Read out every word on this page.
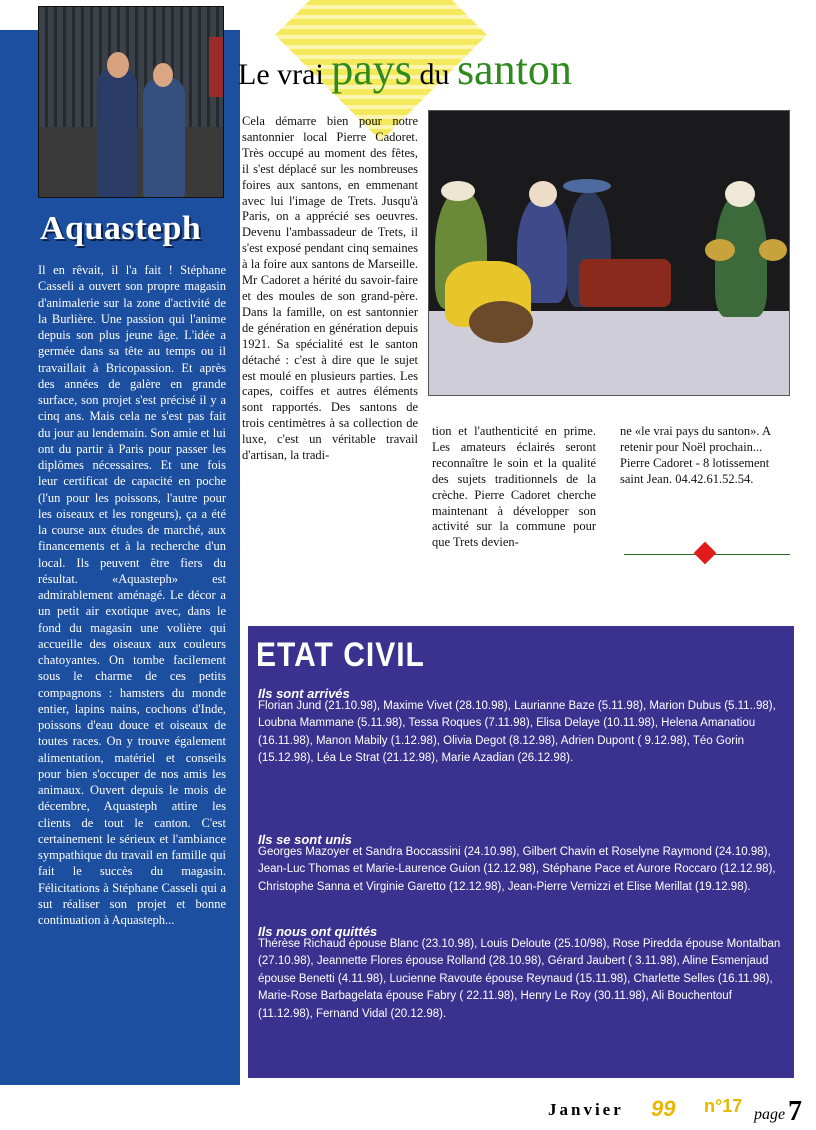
Aquasteph

Il en rêvait, il l'a fait ! Stéphane Casseli a ouvert son propre magasin d'animalerie sur la zone d'activité de la Burlière. Une passion qui l'anime depuis son plus jeune âge. L'idée a germée dans sa tête au temps ou il travaillait à Bricopassion. Et après des années de galère en grande surface, son projet s'est précisé il y a cinq ans. Mais cela ne s'est pas fait du jour au lendemain. Son amie et lui ont du partir à Paris pour passer les diplômes nécessaires. Et une fois leur certificat de capacité en poche (l'un pour les poissons, l'autre pour les oiseaux et les rongeurs), ça a été la course aux études de marché, aux financements et à la recherche d'un local. Ils peuvent être fiers du résultat. «Aquasteph» est admirablement aménagé. Le décor a un petit air exotique avec, dans le fond du magasin une volière qui accueille des oiseaux aux couleurs chatoyantes. On tombe facilement sous le charme de ces petits compagnons : hamsters du monde entier, lapins nains, cochons d'Inde, poissons d'eau douce et oiseaux de toutes races. On y trouve également alimentation, matériel et conseils pour bien s'occuper de nos amis les animaux. Ouvert depuis le mois de décembre, Aquasteph attire les clients de tout le canton. C'est certainement le sérieux et l'ambiance sympathique du travail en famille qui fait le succès du magasin. Félicitations à Stéphane Casseli qui a sut réaliser son projet et bonne continuation à Aquasteph...

Le vrai pays du santon

Cela démarre bien pour notre santonnier local Pierre Cadoret. Très occupé au moment des fêtes, il s'est déplacé sur les nombreuses foires aux santons, en emmenant avec lui l'image de Trets. Jusqu'à Paris, on a apprécié ses oeuvres. Devenu l'ambassadeur de Trets, il s'est exposé pendant cinq semaines à la foire aux santons de Marseille. Mr Cadoret a hérité du savoir-faire et des moules de son grand-père. Dans la famille, on est santonnier de génération en génération depuis 1921. Sa spécialité est le santon détaché : c'est à dire que le sujet est moulé en plusieurs parties. Les capes, coiffes et autres éléments sont rapportés. Des santons de trois centimètres à sa collection de luxe, c'est un véritable travail d'artisan, la tradi-

tion et l'authenticité en prime. Les amateurs éclairés seront reconnaître le soin et la qualité des sujets traditionnels de la crèche. Pierre Cadoret cherche maintenant à développer son activité sur la commune pour que Trets devien-

ne «le vrai pays du santon». A retenir pour Noël prochain... Pierre Cadoret - 8 lotissement saint Jean. 04.42.61.52.54.

ETAT CIVIL

Ils sont arrivés

Florian Jund (21.10.98), Maxime Vivet (28.10.98), Laurianne Baze (5.11.98), Marion Dubus (5.11..98), Loubna Mammane (5.11.98), Tessa Roques (7.11.98), Elisa Delaye (10.11.98), Helena Amanatiou (16.11.98), Manon Mabily (1.12.98), Olivia Degot (8.12.98), Adrien Dupont ( 9.12.98), Téo Gorin (15.12.98), Léa Le Strat (21.12.98), Marie Azadian (26.12.98).

Ils se sont unis

Georges Mazoyer et Sandra Boccassini (24.10.98), Gilbert Chavin et Roselyne Raymond (24.10.98), Jean-Luc Thomas et Marie-Laurence Guion (12.12.98), Stéphane Pace et Aurore Roccaro (12.12.98), Christophe Sanna et Virginie Garetto (12.12.98), Jean-Pierre Vernizzi et Elise Merillat (19.12.98).

Ils nous ont quittés

Thérèse Richaud épouse Blanc (23.10.98), Louis Deloute (25.10/98), Rose Piredda épouse Montalban (27.10.98), Jeannette Flores épouse Rolland (28.10.98), Gérard Jaubert ( 3.11.98), Aline Esmenjaud épouse Benetti (4.11.98), Lucienne Ravoute épouse Reynaud (15.11.98), Charlette Selles (16.11.98), Marie-Rose Barbagelata épouse Fabry ( 22.11.98), Henry Le Roy (30.11.98), Ali Bouchentouf (11.12.98), Fernand Vidal (20.12.98).

Janvier 99 n°17 page 7
